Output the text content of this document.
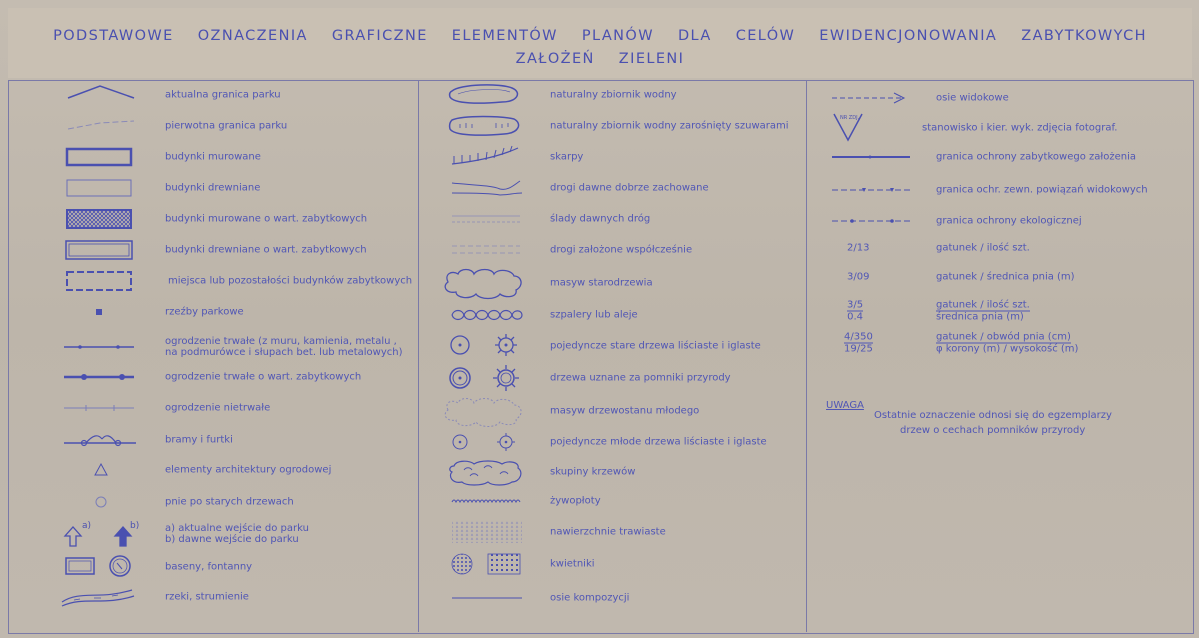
PODSTAWOWE OZNACZENIA GRAFICZNE ELEMENTÓW PLANÓW DLA CELÓW EWIDENCJONOWANIA ZABYTKOWYCH
ZAŁOŻEŃ ZIELENI
aktualna granica parku
pierwotna granica parku
budynki murowane
budynki drewniane
budynki murowane o wart. zabytkowych
budynki drewniane o wart. zabytkowych
miejsca lub pozostałości budynków zabytkowych
rzeźby parkowe
ogrodzenie trwałe (z muru, kamienia, metalu ,
na podmurówce i słupach bet. lub metalowych)
ogrodzenie trwałe o wart. zabytkowych
ogrodzenie nietrwałe
bramy i furtki
elementy architektury ogrodowej
pnie po starych drzewach
a)	b)	a) aktualne wejście do parku
b) dawne wejście do parku
baseny, fontanny
rzeki, strumienie
naturalny zbiornik wodny
naturalny zbiornik wodny zarośnięty szuwarami
skarpy
drogi dawne dobrze zachowane
ślady dawnych dróg
drogi założone współcześnie
masyw starodrzewia
szpalery lub aleje
pojedyncze stare drzewa liściaste i iglaste
drzewa uznane za pomniki przyrody
masyw drzewostanu młodego
pojedyncze młode drzewa liściaste i iglaste
skupiny krzewów
żywopłoty
nawierzchnie trawiaste
kwietniki
osie kompozycji
osie widokowe
NR ZDJ.
stanowisko i kier. wyk. zdjęcia fotograf.
granica ochrony zabytkowego założenia
granica ochr. zewn. powiązań widokowych
granica ochrony ekologicznej
2/13	gatunek / ilość szt.
3/09	gatunek / średnica pnia (m)
$\frac{3/5}{0.4}$	gatunek / ilość szt.
średnica pnia (m)
$\frac{4/350}{19/25}$	gatunek / obwód pnia (cm)
φ korony (m) / wysokość (m)
UWAGA
Ostatnie oznaczenie odnosi się do egzemplarzy
drzew o cechach pomników przyrody
